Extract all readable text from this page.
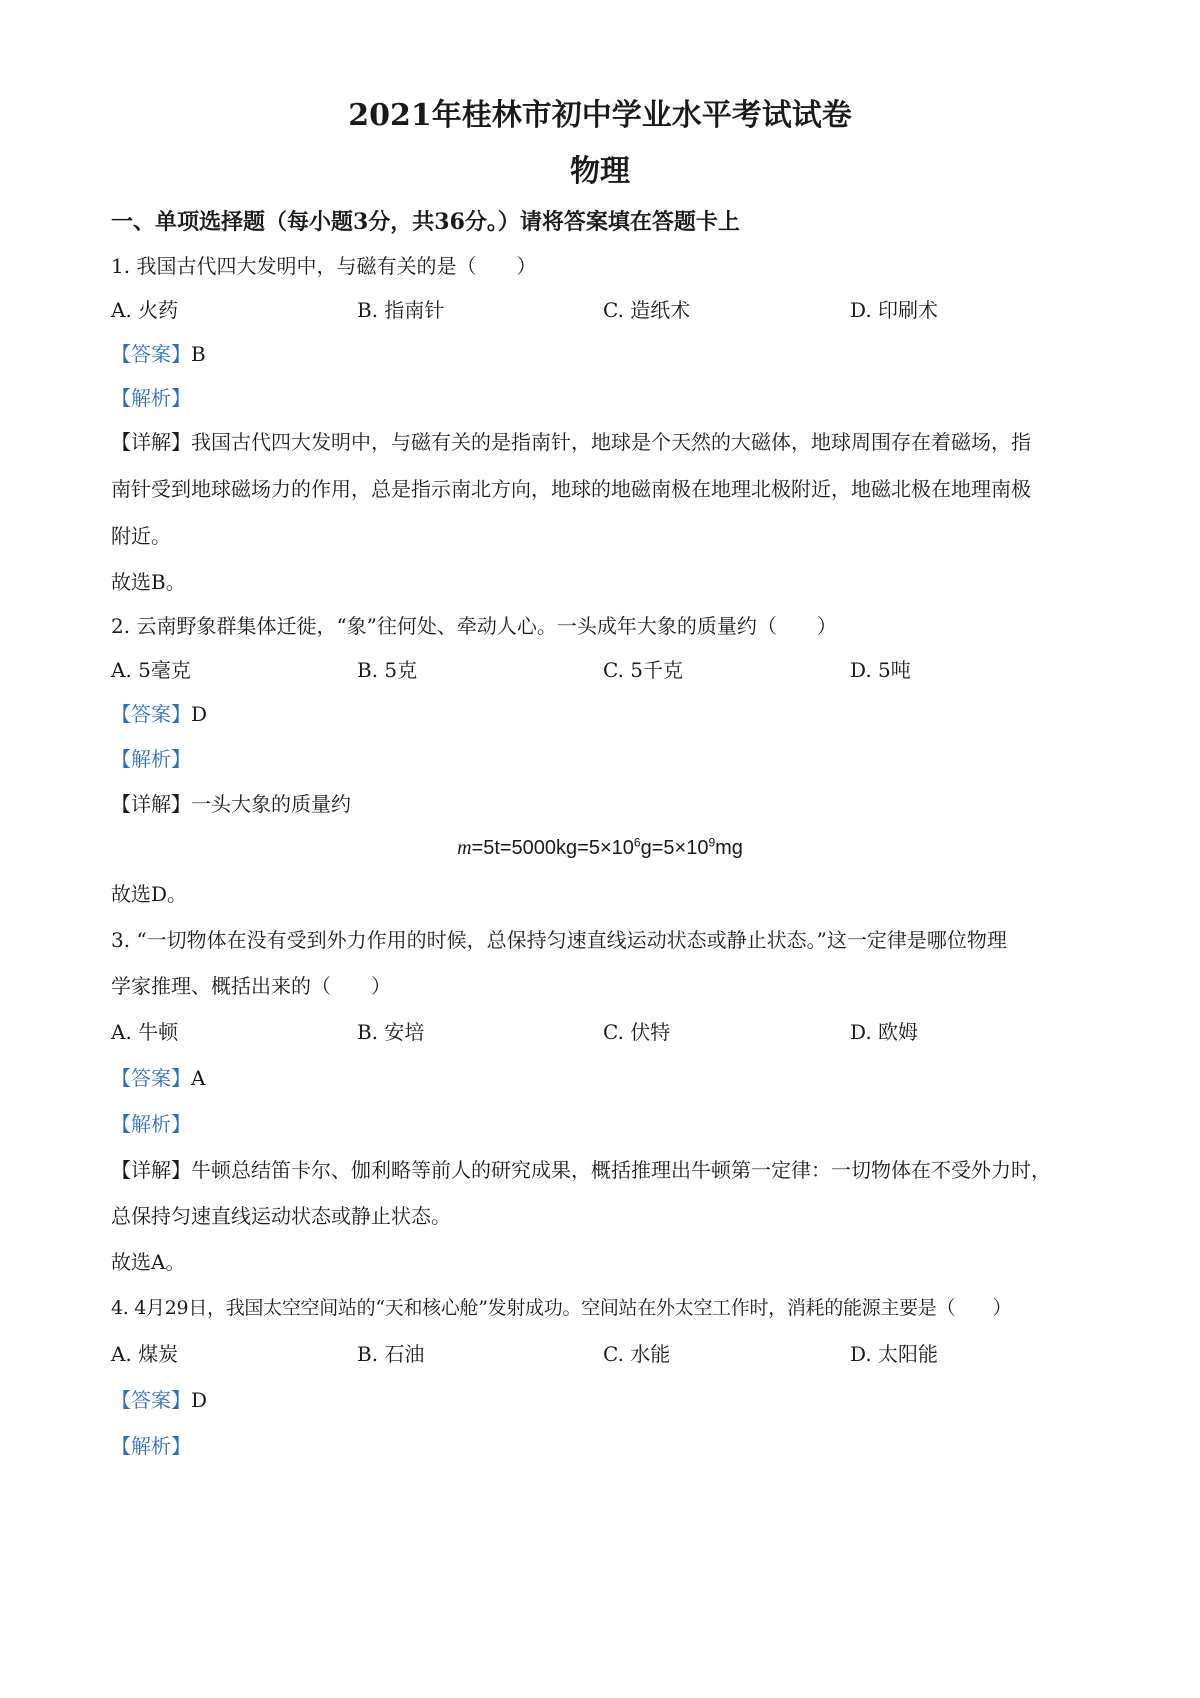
2021年桂林市初中学业水平考试试卷
物理
一、单项选择题（每小题3分，共36分。）请将答案填在答题卡上
1. 我国古代四大发明中，与磁有关的是（　　）
A. 火药	B. 指南针	C. 造纸术	D. 印刷术
【答案】B
【解析】
【详解】我国古代四大发明中，与磁有关的是指南针，地球是个天然的大磁体，地球周围存在着磁场，指
南针受到地球磁场力的作用，总是指示南北方向，地球的地磁南极在地理北极附近，地磁北极在地理南极
附近。
故选B。
2. 云南野象群集体迁徙，“象”往何处、牵动人心。一头成年大象的质量约（　　）
A. 5毫克	B. 5克	C. 5千克	D. 5吨
【答案】D
【解析】
【详解】一头大象的质量约
$m=5t=5000kg=5\times 10^6g=5\times 10^9mg$
故选D。
3. “一切物体在没有受到外力作用的时候，总保持匀速直线运动状态或静止状态。”这一定律是哪位物理
学家推理、概括出来的（　　）
A. 牛顿	B. 安培	C. 伏特	D. 欧姆
【答案】A
【解析】
【详解】牛顿总结笛卡尔、伽利略等前人的研究成果，概括推理出牛顿第一定律：一切物体在不受外力时，
总保持匀速直线运动状态或静止状态。
故选A。
4. 4月29日，我国太空空间站的“天和核心舱”发射成功。空间站在外太空工作时，消耗的能源主要是（　　）
A. 煤炭	B. 石油	C. 水能	D. 太阳能
【答案】D
【解析】
